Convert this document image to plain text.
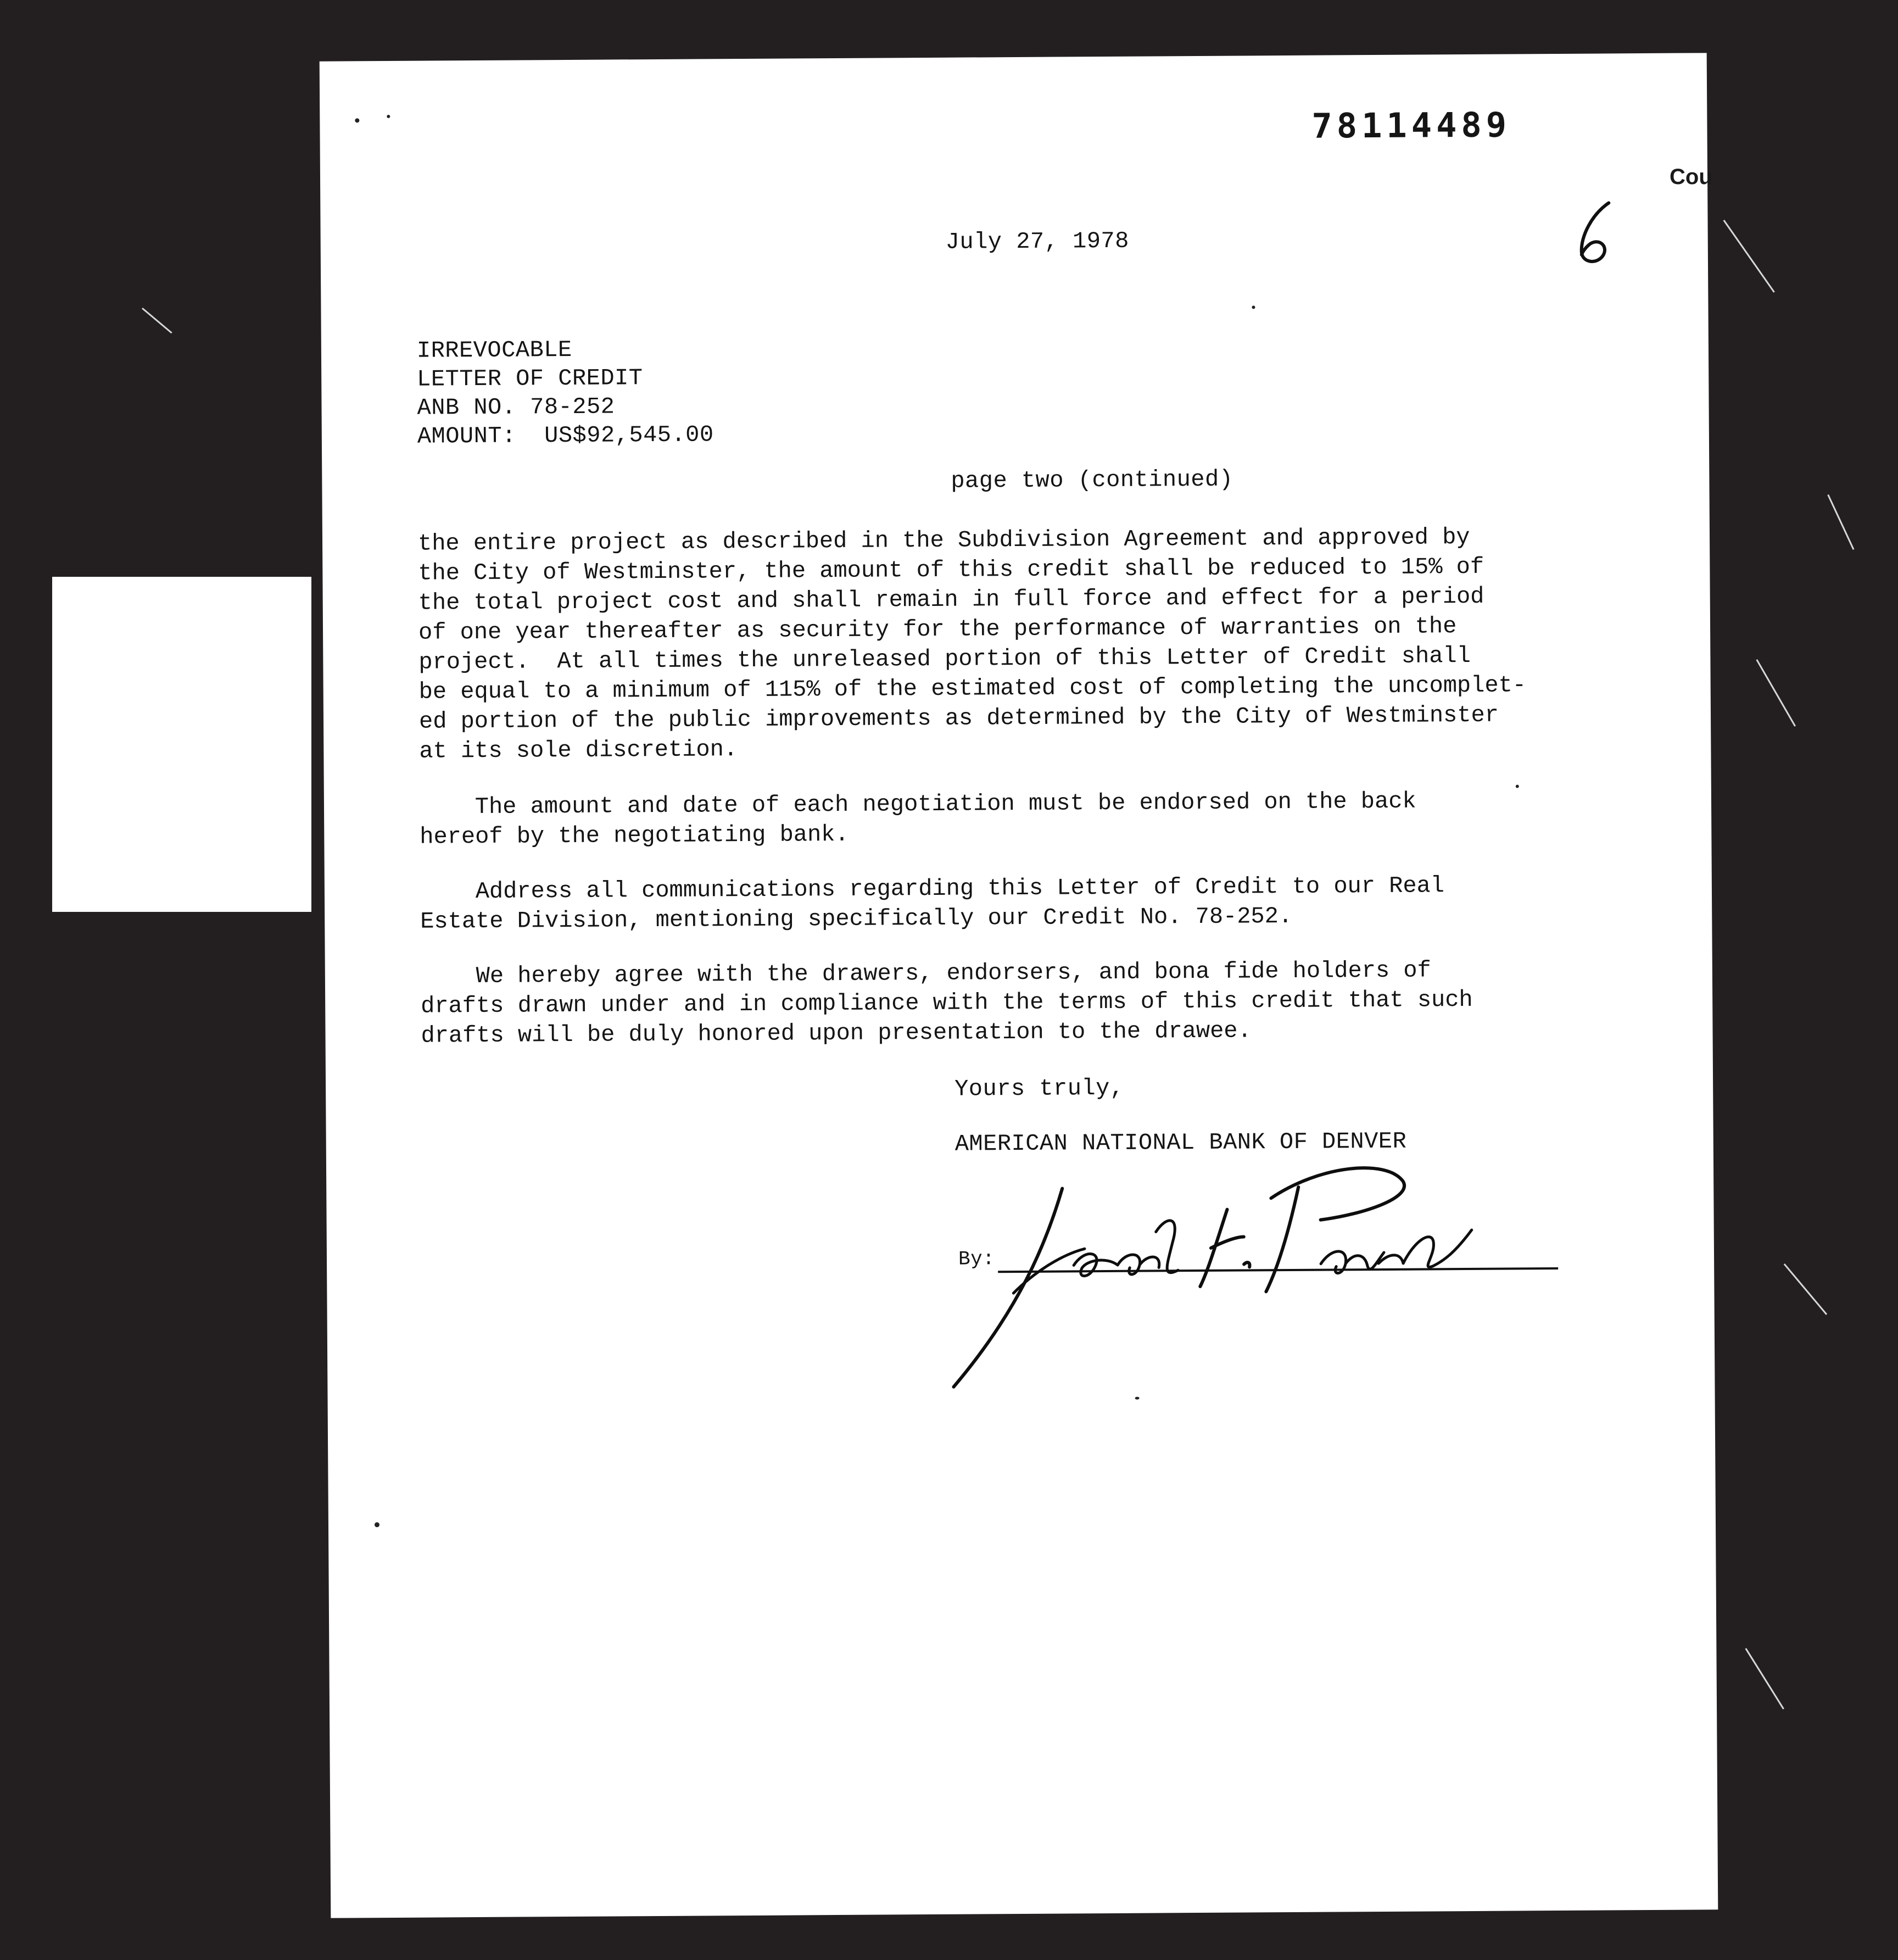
78114489
July 27, 1978
IRREVOCABLE
LETTER OF CREDIT
ANB NO. 78-252
AMOUNT:  US$92,545.00
page two (continued)
the entire project as described in the Subdivision Agreement and approved by
the City of Westminster, the amount of this credit shall be reduced to 15% of
the total project cost and shall remain in full force and effect for a period
of one year thereafter as security for the performance of warranties on the
project.  At all times the unreleased portion of this Letter of Credit shall
be equal to a minimum of 115% of the estimated cost of completing the uncomplet-
ed portion of the public improvements as determined by the City of Westminster
at its sole discretion.
The amount and date of each negotiation must be endorsed on the back
hereof by the negotiating bank.
Address all communications regarding this Letter of Credit to our Real
Estate Division, mentioning specifically our Credit No. 78-252.
We hereby agree with the drawers, endorsers, and bona fide holders of
drafts drawn under and in compliance with the terms of this credit that such
drafts will be duly honored upon presentation to the drawee.
Yours truly,
AMERICAN NATIONAL BANK OF DENVER
By:
Cou
